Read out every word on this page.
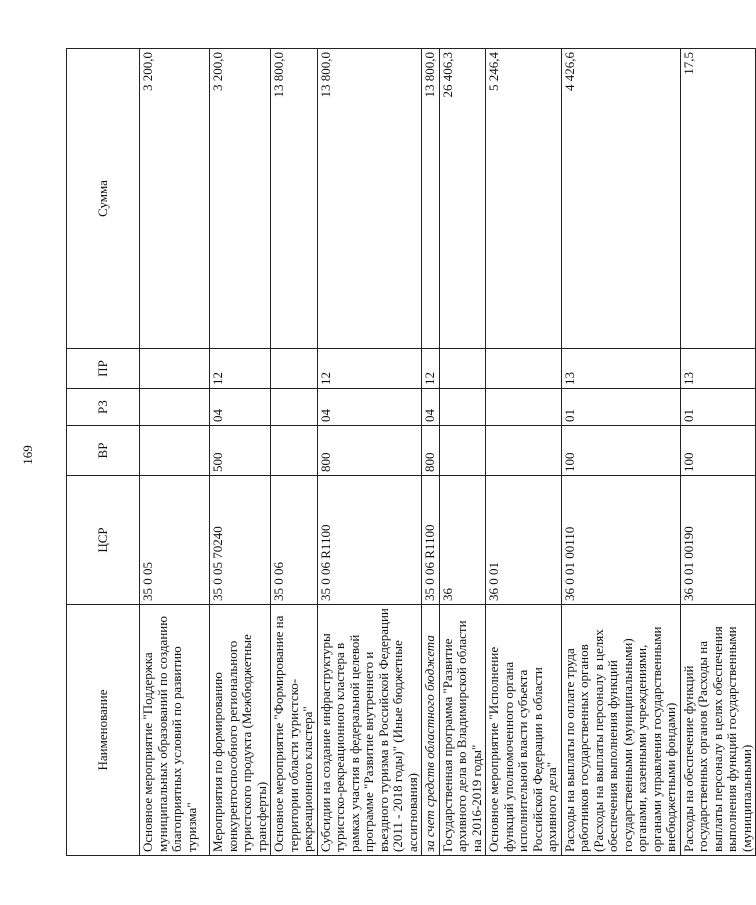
169
Наименование	ЦСР	ВР	РЗ	ПР	Сумма
Основное мероприятие "Поддержка муниципальных образований по созданию благоприятных условий по развитию туризма"	35 0 05				3 200,0
Мероприятия по формированию конкурентоспособного регионального туристского продукта (Межбюджетные трансферты)	35 0 05 70240	500	04	12	3 200,0
Основное мероприятие "Формирование на территории области туристско-рекреационного кластера"	35 0 06				13 800,0
Субсидии на создание инфраструктуры туристско-рекреационного кластера в рамках участия в федеральной целевой программе "Развитие внутреннего и въездного туризма в Российской Федерации (2011 - 2018 годы)" (Иные бюджетные ассигнования)	35 0 06 R1100	800	04	12	13 800,0
за счет средств областного бюджета	35 0 06 R1100	800	04	12	13 800,0
Государственная программа "Развитие архивного дела во Владимирской области на 2016-2019 годы"	36				26 406,3
Основное мероприятие "Исполнение функций уполномоченного органа исполнительной власти субъекта Российской Федерации в области архивного дела"	36 0 01				5 246,4
Расходы на выплаты по оплате труда работников государственных органов (Расходы на выплаты персоналу в целях обеспечения выполнения функций государственными (муниципальными) органами, казенными учреждениями, органами управления государственными внебюджетными фондами)	36 0 01 00110	100	01	13	4 426,6
Расходы на обеспечение функций государственных органов (Расходы на выплаты персоналу в целях обеспечения выполнения функций государственными (муниципальными)	36 0 01 00190	100	01	13	17,5
